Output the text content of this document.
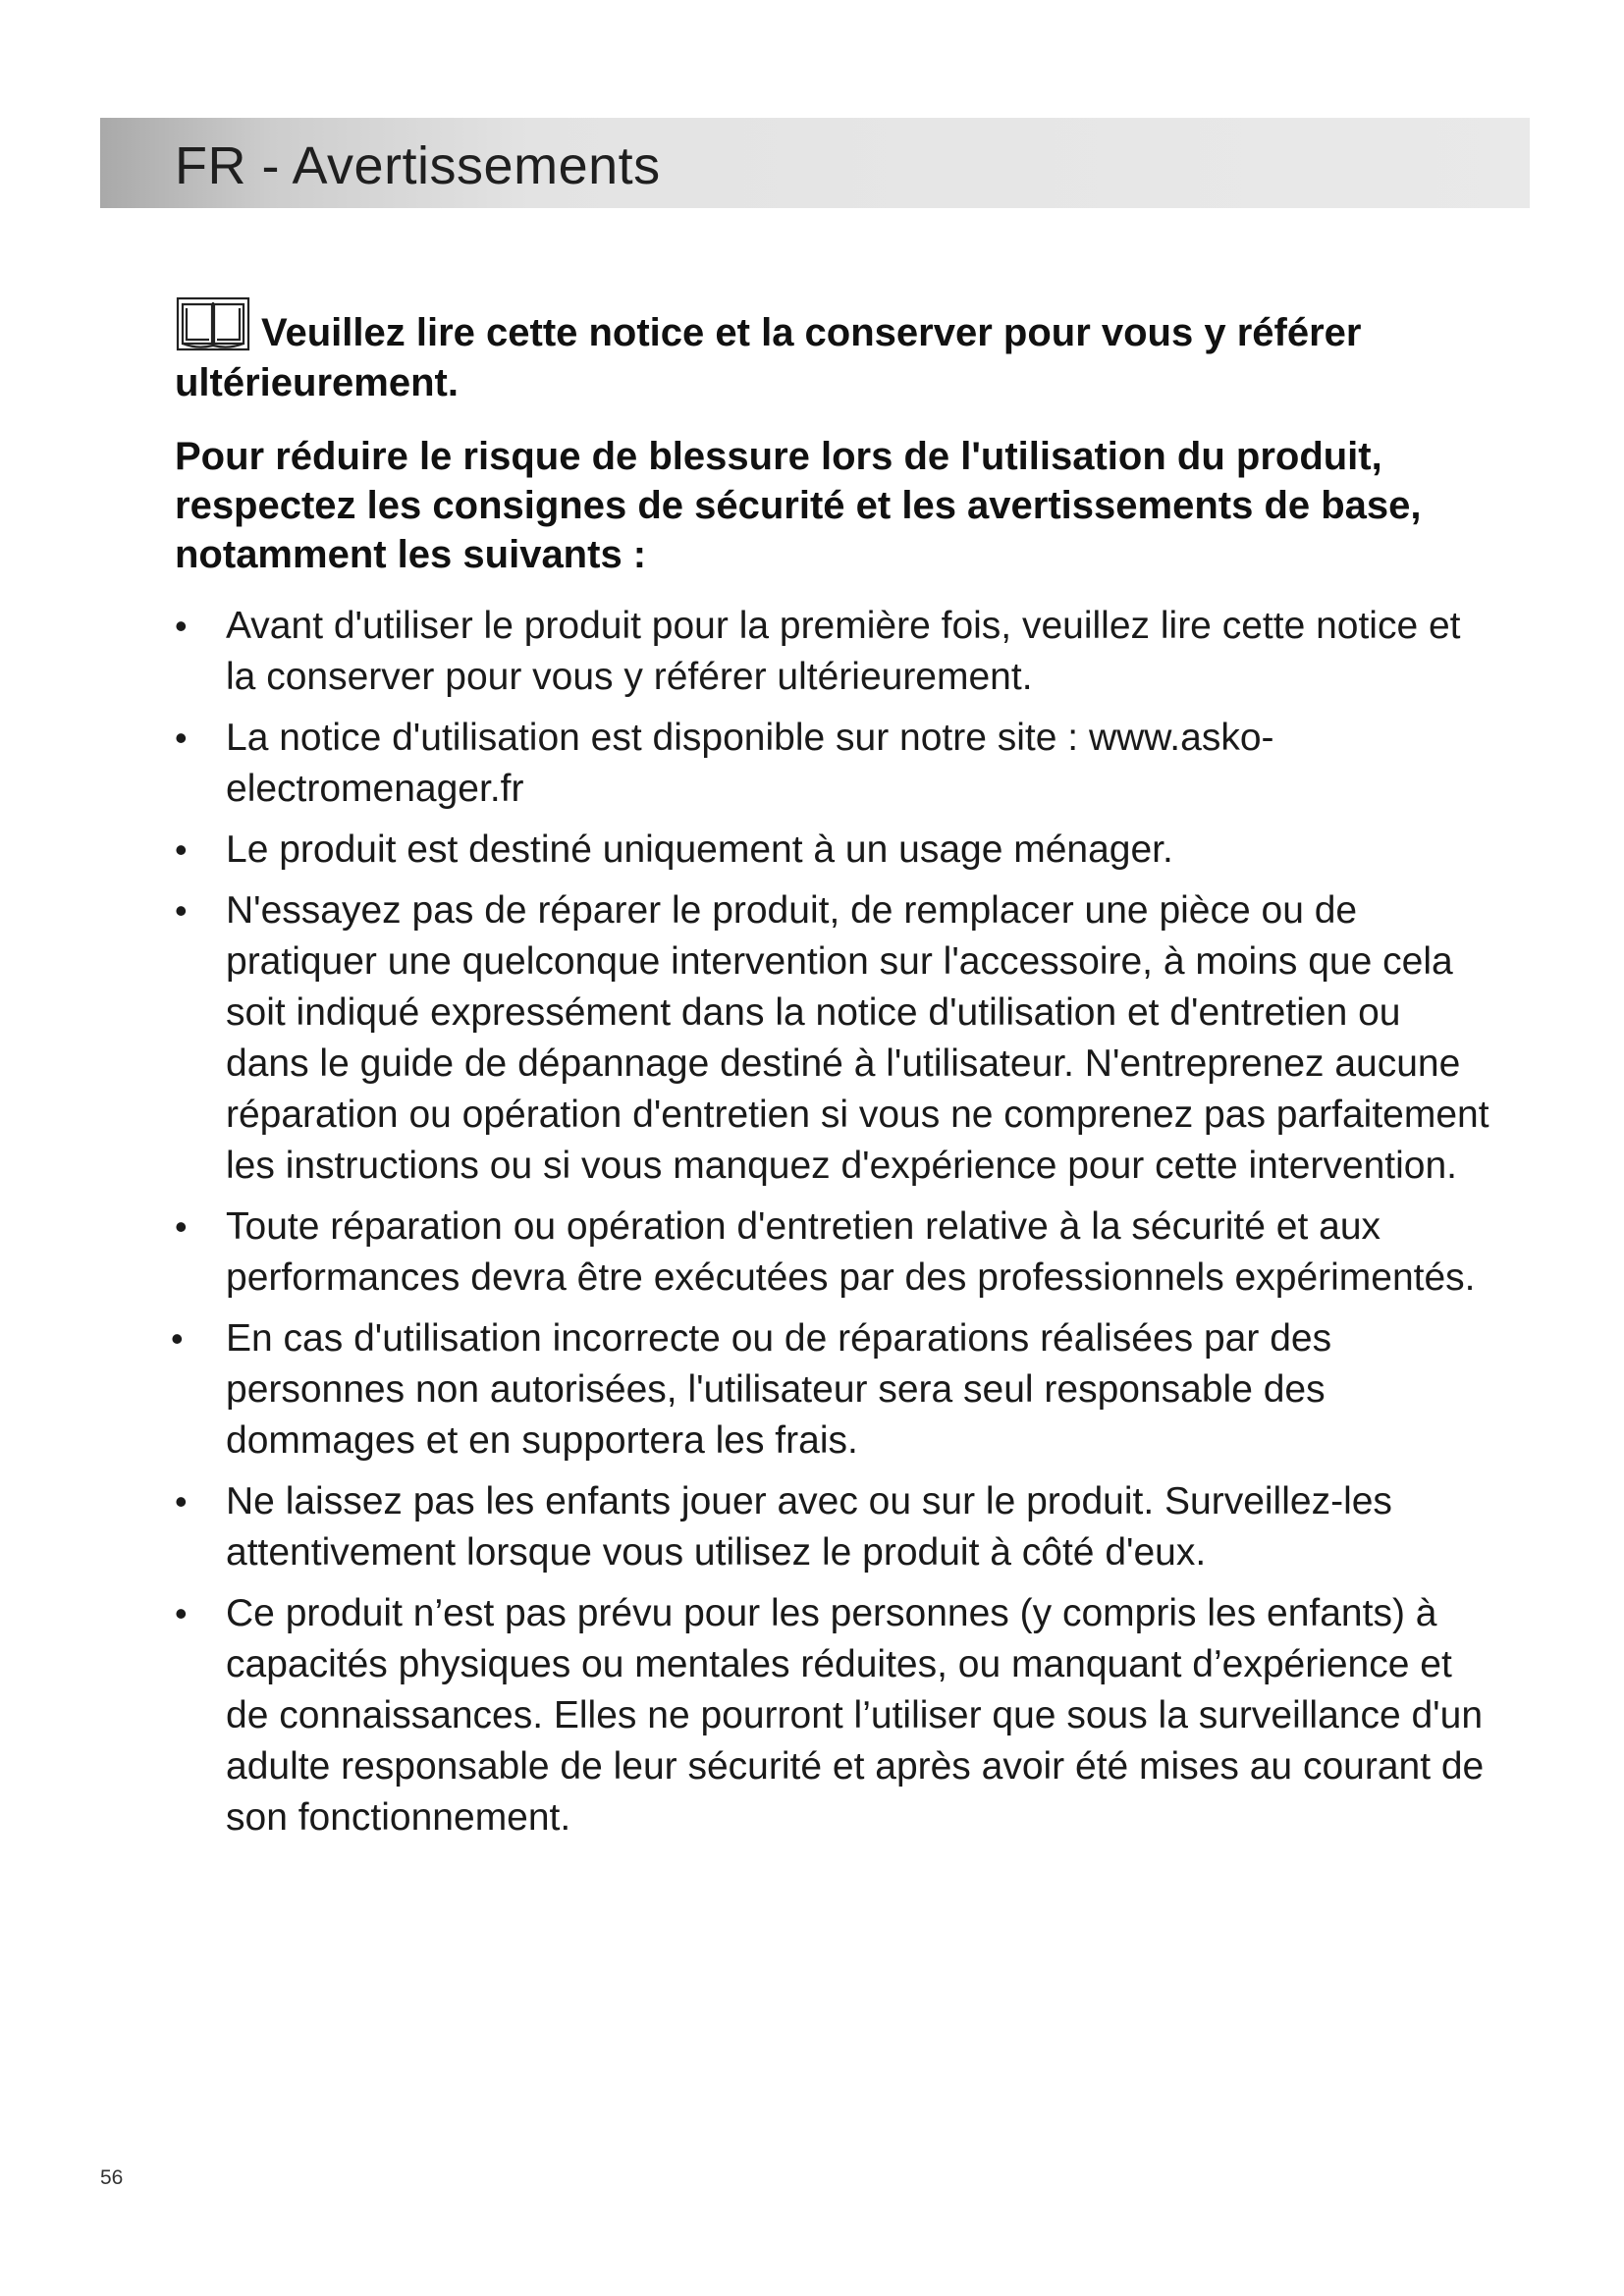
FR - Avertissements

Veuillez lire cette notice et la conserver pour vous y référer ultérieurement.

Pour réduire le risque de blessure lors de l'utilisation du produit, respectez les consignes de sécurité et les avertissements de base, notamment les suivants :

•	Avant d'utiliser le produit pour la première fois, veuillez lire cette notice et la conserver pour vous y référer ultérieurement.
•	La notice d'utilisation est disponible sur notre site : www.asko-electromenager.fr
•	Le produit est destiné uniquement à un usage ménager.
•	N'essayez pas de réparer le produit, de remplacer une pièce ou de pratiquer une quelconque intervention sur l'accessoire, à moins que cela soit indiqué expressément dans la notice d'utilisation et d'entretien ou dans le guide de dépannage destiné à l'utilisateur. N'entreprenez aucune réparation ou opération d'entretien si vous ne comprenez pas parfaitement les instructions ou si vous manquez d'expérience pour cette intervention.
•	Toute réparation ou opération d'entretien relative à la sécurité et aux performances devra être exécutées par des professionnels expérimentés.
•	En cas d'utilisation incorrecte ou de réparations réalisées par des personnes non autorisées, l'utilisateur sera seul responsable des dommages et en supportera les frais.
•	Ne laissez pas les enfants jouer avec ou sur le produit. Surveillez-les attentivement lorsque vous utilisez le produit à côté d'eux.
•	Ce produit n’est pas prévu pour les personnes (y compris les enfants) à capacités physiques ou mentales réduites, ou manquant d’expérience et de connaissances. Elles ne pourront l’utiliser que sous la surveillance d'un adulte responsable de leur sécurité et après avoir été mises au courant de son fonctionnement.
56
